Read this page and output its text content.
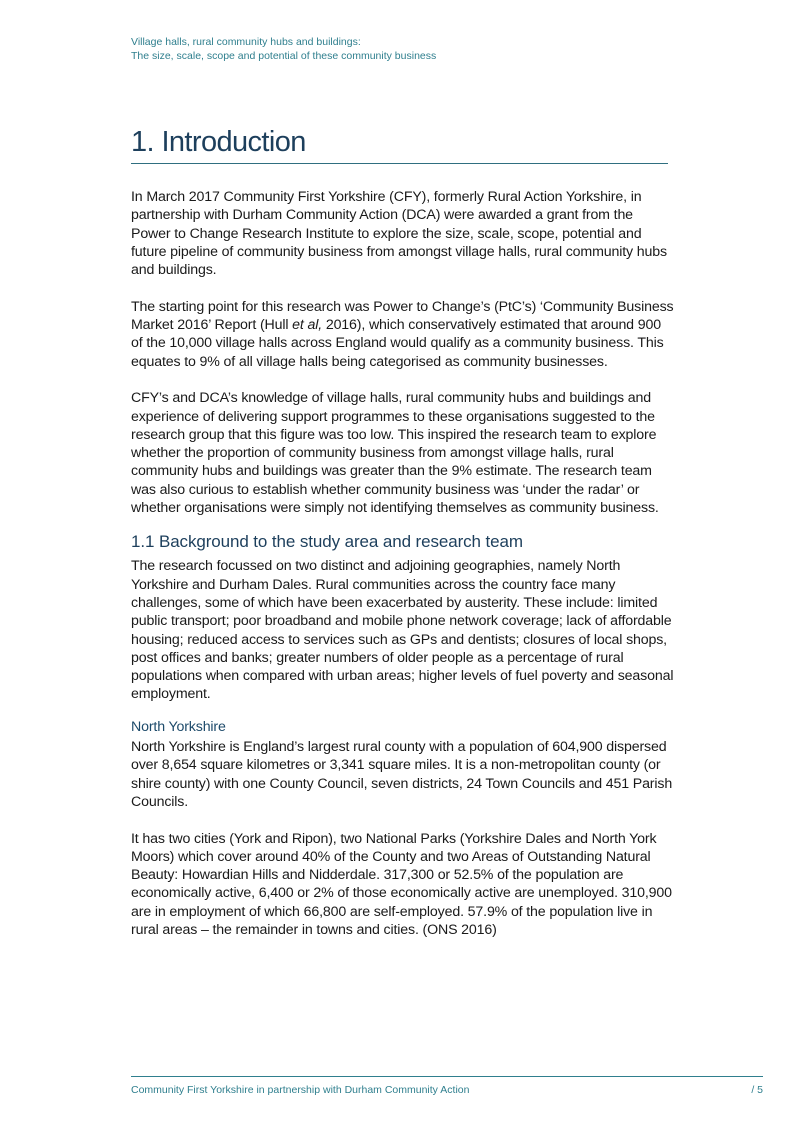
Village halls, rural community hubs and buildings:
The size, scale, scope and potential of these community business
1. Introduction

In March 2017 Community First Yorkshire (CFY), formerly Rural Action Yorkshire, in partnership with Durham Community Action (DCA) were awarded a grant from the Power to Change Research Institute to explore the size, scale, scope, potential and future pipeline of community business from amongst village halls, rural community hubs and buildings.

The starting point for this research was Power to Change’s (PtC’s) ‘Community Business Market 2016’ Report (Hull et al, 2016), which conservatively estimated that around 900 of the 10,000 village halls across England would qualify as a community business. This equates to 9% of all village halls being categorised as community businesses.

CFY’s and DCA’s knowledge of village halls, rural community hubs and buildings and experience of delivering support programmes to these organisations suggested to the research group that this figure was too low. This inspired the research team to explore whether the proportion of community business from amongst village halls, rural community hubs and buildings was greater than the 9% estimate. The research team was also curious to establish whether community business was ‘under the radar’ or whether organisations were simply not identifying themselves as community business.

1.1 Background to the study area and research team

The research focussed on two distinct and adjoining geographies, namely North Yorkshire and Durham Dales. Rural communities across the country face many challenges, some of which have been exacerbated by austerity. These include: limited public transport; poor broadband and mobile phone network coverage; lack of affordable housing; reduced access to services such as GPs and dentists; closures of local shops, post offices and banks; greater numbers of older people as a percentage of rural populations when compared with urban areas; higher levels of fuel poverty and seasonal employment.

North Yorkshire

North Yorkshire is England’s largest rural county with a population of 604,900 dispersed over 8,654 square kilometres or 3,341 square miles. It is a non-metropolitan county (or shire county) with one County Council, seven districts, 24 Town Councils and 451 Parish Councils.

It has two cities (York and Ripon), two National Parks (Yorkshire Dales and North York Moors) which cover around 40% of the County and two Areas of Outstanding Natural Beauty: Howardian Hills and Nidderdale. 317,300 or 52.5% of the population are economically active, 6,400 or 2% of those economically active are unemployed. 310,900 are in employment of which 66,800 are self-employed. 57.9% of the population live in rural areas – the remainder in towns and cities. (ONS 2016)

Community First Yorkshire in partnership with Durham Community Action	/ 5
